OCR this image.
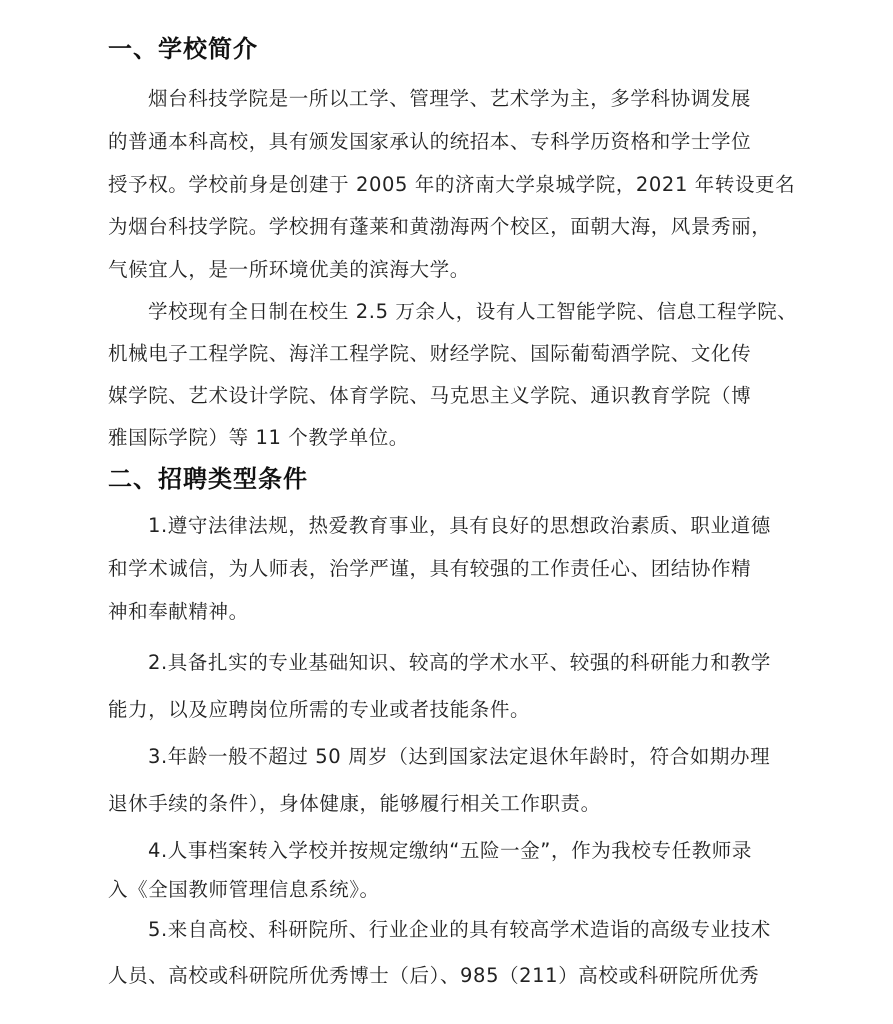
一、学校简介
烟台科技学院是一所以工学、管理学、艺术学为主，多学科协调发展
的普通本科高校，具有颁发国家承认的统招本、专科学历资格和学士学位
授予权。学校前身是创建于 2005 年的济南大学泉城学院，2021 年转设更名
为烟台科技学院。学校拥有蓬莱和黄渤海两个校区，面朝大海，风景秀丽，
气候宜人，是一所环境优美的滨海大学。
学校现有全日制在校生 2.5 万余人，设有人工智能学院、信息工程学院、
机械电子工程学院、海洋工程学院、财经学院、国际葡萄酒学院、文化传
媒学院、艺术设计学院、体育学院、马克思主义学院、通识教育学院（博
雅国际学院）等 11 个教学单位。
二、招聘类型条件
1.遵守法律法规，热爱教育事业，具有良好的思想政治素质、职业道德
和学术诚信，为人师表，治学严谨，具有较强的工作责任心、团结协作精
神和奉献精神。
2.具备扎实的专业基础知识、较高的学术水平、较强的科研能力和教学
能力，以及应聘岗位所需的专业或者技能条件。
3.年龄一般不超过 50 周岁（达到国家法定退休年龄时，符合如期办理
退休手续的条件），身体健康，能够履行相关工作职责。
4.人事档案转入学校并按规定缴纳“五险一金”，作为我校专任教师录
入《全国教师管理信息系统》。
5.来自高校、科研院所、行业企业的具有较高学术造诣的高级专业技术
人员、高校或科研院所优秀博士（后）、985（211）高校或科研院所优秀
